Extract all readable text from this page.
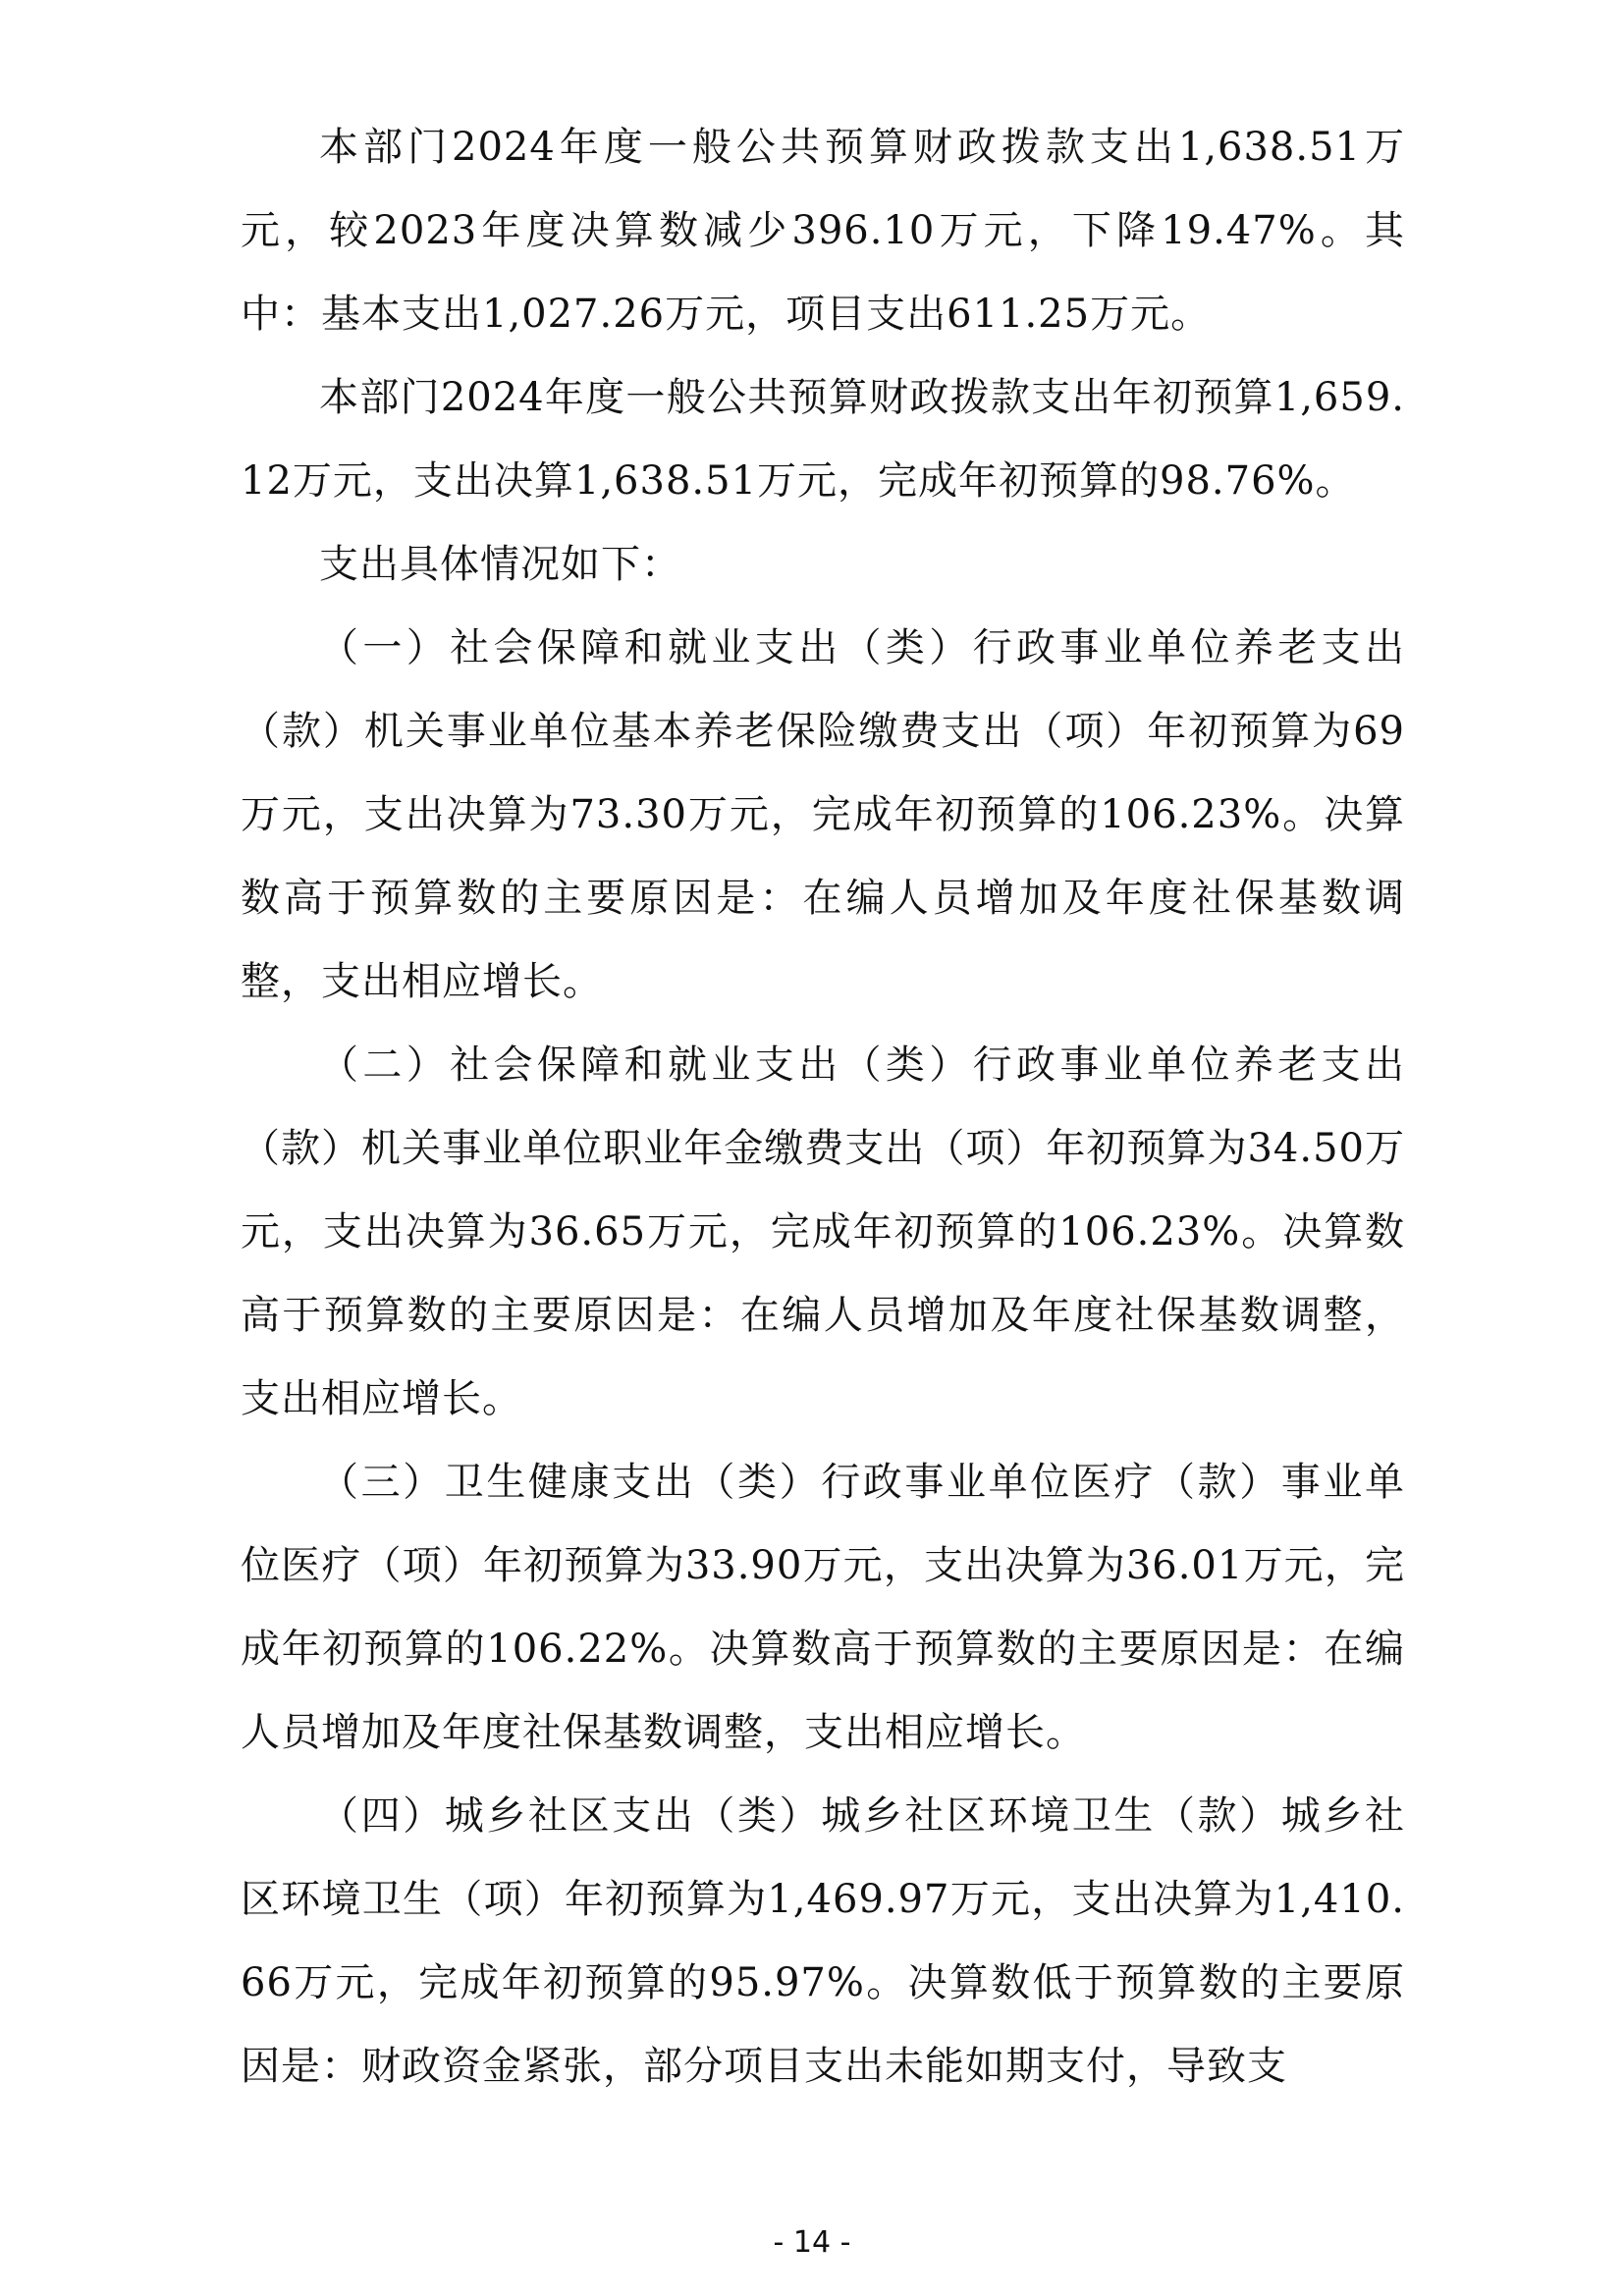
本部门2024年度一般公共预算财政拨款支出1,638.51万元，较2023年度决算数减少396.10万元，下降19.47%。其中：基本支出1,027.26万元，项目支出611.25万元。

本部门2024年度一般公共预算财政拨款支出年初预算1,659.12万元，支出决算1,638.51万元，完成年初预算的98.76%。

支出具体情况如下：

（一）社会保障和就业支出（类）行政事业单位养老支出（款）机关事业单位基本养老保险缴费支出（项）年初预算为69万元，支出决算为73.30万元，完成年初预算的106.23%。决算数高于预算数的主要原因是：在编人员增加及年度社保基数调整，支出相应增长。

（二）社会保障和就业支出（类）行政事业单位养老支出（款）机关事业单位职业年金缴费支出（项）年初预算为34.50万元，支出决算为36.65万元，完成年初预算的106.23%。决算数高于预算数的主要原因是：在编人员增加及年度社保基数调整，支出相应增长。

（三）卫生健康支出（类）行政事业单位医疗（款）事业单位医疗（项）年初预算为33.90万元，支出决算为36.01万元，完成年初预算的106.22%。决算数高于预算数的主要原因是：在编人员增加及年度社保基数调整，支出相应增长。

（四）城乡社区支出（类）城乡社区环境卫生（款）城乡社区环境卫生（项）年初预算为1,469.97万元，支出决算为1,410.66万元，完成年初预算的95.97%。决算数低于预算数的主要原因是：财政资金紧张，部分项目支出未能如期支付，导致支

- 14 -
